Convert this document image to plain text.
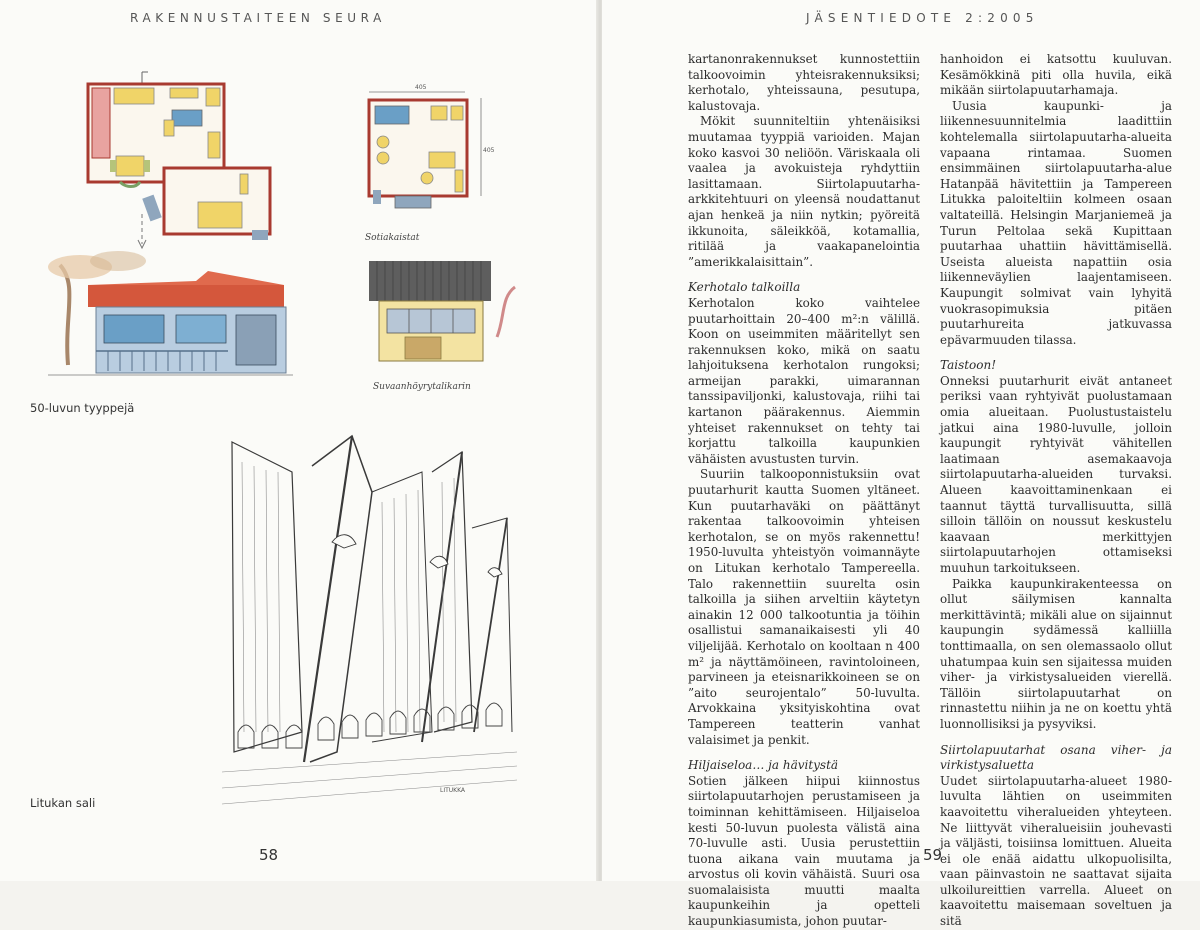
RAKENNUSTAITEEN SEURA
405
405
Sotiakaistat
Suvaanhöyrytalikarin
50-luvun tyyppejä
LITUKKA
Litukan sali
58
JÄSENTIEDOTE 2:2005

kartanonrakennukset kunnostettiin talkoovoimin yhteisrakennuksiksi; kerhotalo, yhteissauna, pesutupa, kalustovaja.

Mökit suunniteltiin yhtenäisiksi muutamaa tyyppiä varioiden. Majan koko kasvoi 30 neliöön. Väriskaala oli vaalea ja avokuisteja ryhdyttiin lasittamaan. Siirtolapuutarha-arkkitehtuuri on yleensä noudattanut ajan henkeä ja niin nytkin; pyöreitä ikkunoita, säleikköä, kotamallia, ritilää ja vaakapanelointia ”amerikkalaisittain”.

Kerhotalo talkoilla

Kerhotalon koko vaihtelee puutarhoittain 20–400 m²:n välillä. Koon on useimmiten määritellyt sen rakennuksen koko, mikä on saatu lahjoituksena kerhotalon rungoksi; armeijan parakki, uimarannan tanssipaviljonki, kalustovaja, riihi tai kartanon päärakennus. Aiemmin yhteiset rakennukset on tehty tai korjattu talkoilla kaupunkien vähäisten avustusten turvin.

Suuriin talkooponnistuksiin ovat puutarhurit kautta Suomen yltäneet. Kun puutarhaväki on päättänyt rakentaa talkoovoimin yhteisen kerhotalon, se on myös rakennettu! 1950-luvulta yhteistyön voimannäyte on Litukan kerhotalo Tampereella. Talo rakennettiin suurelta osin talkoilla ja siihen arveltiin käytetyn ainakin 12 000 talkootuntia ja töihin osallistui samanaikaisesti yli 40 viljelijää. Kerhotalo on kooltaan n 400 m² ja näyttämöineen, ravintoloineen, parvineen ja eteisnarikkoineen se on ”aito seurojentalo” 50-luvulta. Arvokkaina yksityiskohtina ovat Tampereen teatterin vanhat valaisimet ja penkit.

Hiljaiseloa… ja hävitystä

Sotien jälkeen hiipui kiinnostus siirtolapuutarhojen perustamiseen ja toiminnan kehittämiseen. Hiljaiseloa kesti 50-luvun puolesta välistä aina 70-luvulle asti. Uusia perustettiin tuona aikana vain muutama ja arvostus oli kovin vähäistä. Suuri osa suomalaisista muutti maalta kaupunkeihin ja opetteli kaupunkiasumista, johon puutar-

hanhoidon ei katsottu kuuluvan. Kesämökkinä piti olla huvila, eikä mikään siirtolapuutarhamaja.

Uusia kaupunki- ja liikennesuunnitelmia laadittiin kohtelemalla siirtolapuutarha-alueita vapaana rintamaa. Suomen ensimmäinen siirtolapuutarha-alue Hatanpää hävitettiin ja Tampereen Litukka paloiteltiin kolmeen osaan valtateillä. Helsingin Marjaniemeä ja Turun Peltolaa sekä Kupittaan puutarhaa uhattiin hävittämisellä. Useista alueista napattiin osia liikenneväylien laajentamiseen. Kaupungit solmivat vain lyhyitä vuokrasopimuksia pitäen puutarhureita jatkuvassa epävarmuuden tilassa.

Taistoon!

Onneksi puutarhurit eivät antaneet periksi vaan ryhtyivät puolustamaan omia alueitaan. Puolustustaistelu jatkui aina 1980-luvulle, jolloin kaupungit ryhtyivät vähitellen laatimaan asemakaavoja siirtolapuutarha-alueiden turvaksi. Alueen kaavoittaminenkaan ei taannut täyttä turvallisuutta, sillä silloin tällöin on noussut keskustelu kaavaan merkittyjen siirtolapuutarhojen ottamiseksi muuhun tarkoitukseen.

Paikka kaupunkirakenteessa on ollut säilymisen kannalta merkittävintä; mikäli alue on sijainnut kaupungin sydämessä kalliilla tonttimaalla, on sen olemassaolo ollut uhatumpaa kuin sen sijaitessa muiden viher- ja virkistysalueiden vierellä. Tällöin siirtolapuutarhat on rinnastettu niihin ja ne on koettu yhtä luonnollisiksi ja pysyviksi.

Siirtolapuutarhat osana viher- ja virkistysaluetta

Uudet siirtolapuutarha-alueet 1980-luvulta lähtien on useimmiten kaavoitettu viheralueiden yhteyteen. Ne liittyvät viheralueisiin jouhevasti ja väljästi, toisiinsa lomittuen. Alueita ei ole enää aidattu ulkopuolisilta, vaan päinvastoin ne saattavat sijaita ulkoilureittien varrella. Alueet on kaavoitettu maisemaan soveltuen ja sitä

59
